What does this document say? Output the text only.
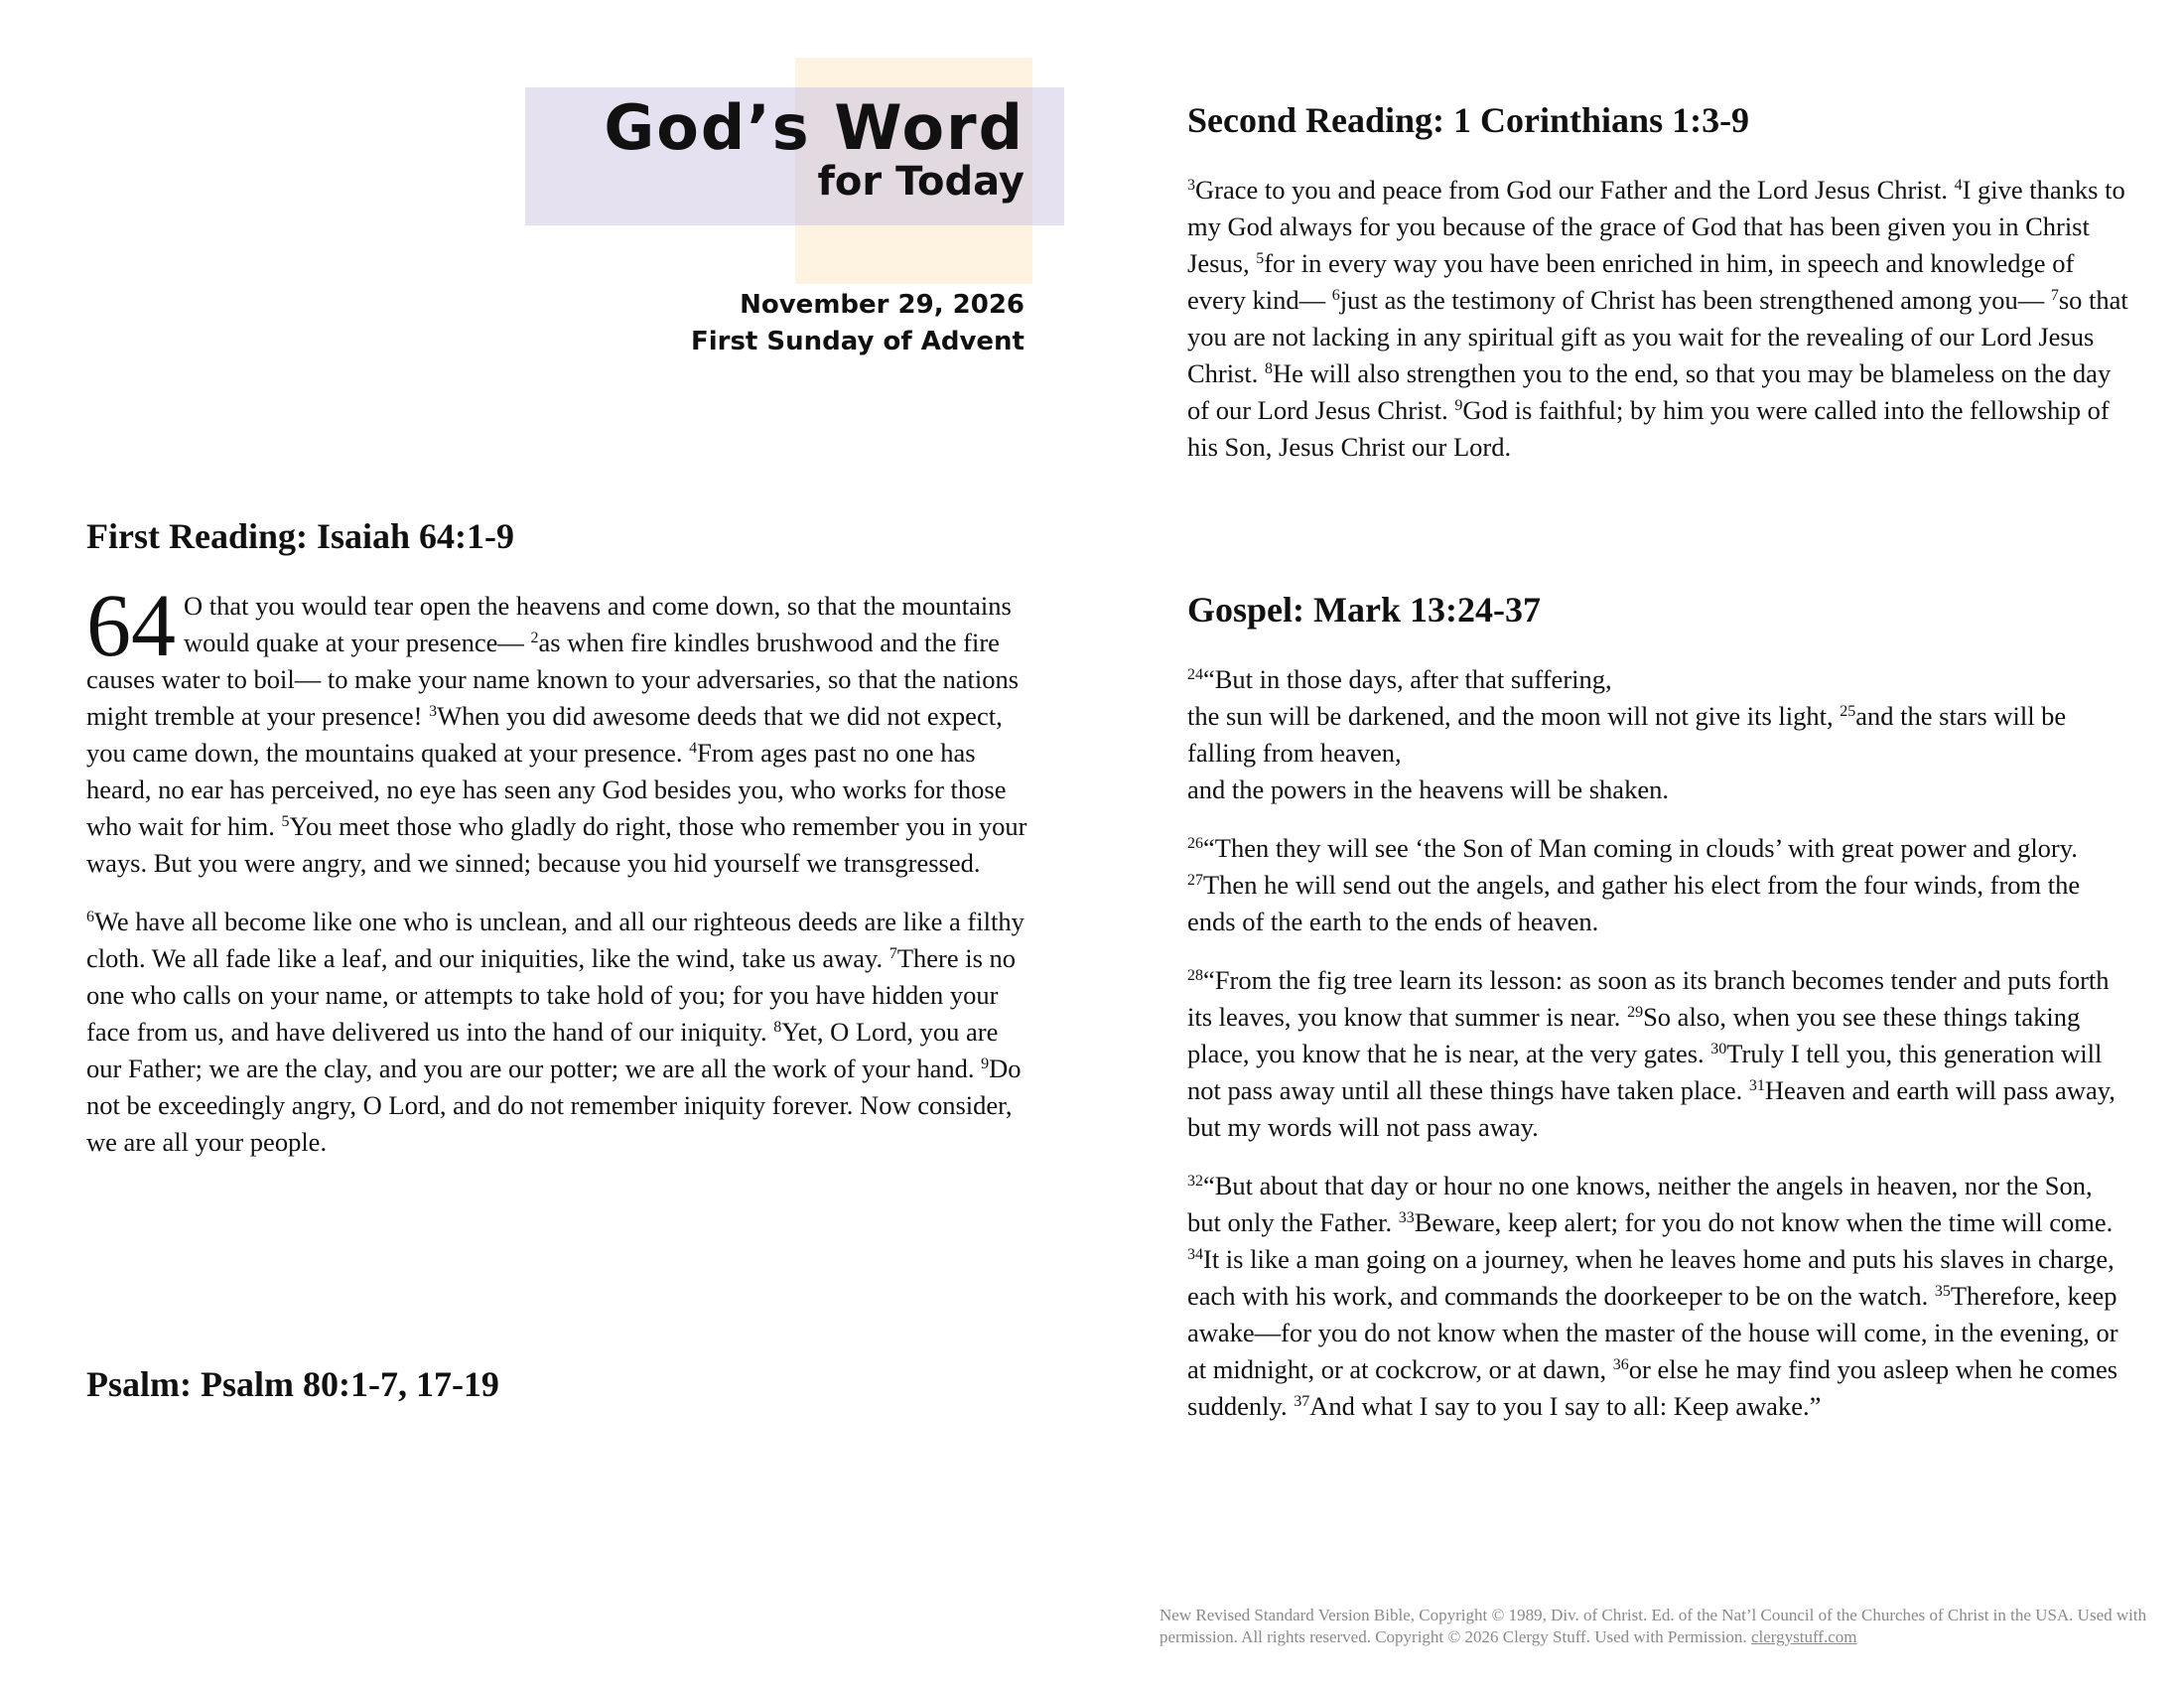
God’s Word
for Today
November 29, 2026
First Sunday of Advent
First Reading: Isaiah 64:1-9

64 O that you would tear open the heavens and come down, so that the mountains would quake at your presence— $^2$as when fire kindles brushwood and the fire causes water to boil— to make your name known to your adversaries, so that the nations might tremble at your presence! $^3$When you did awesome deeds that we did not expect, you came down, the mountains quaked at your presence. $^4$From ages past no one has heard, no ear has perceived, no eye has seen any God besides you, who works for those who wait for him. $^5$You meet those who gladly do right, those who remember you in your ways. But you were angry, and we sinned; because you hid yourself we transgressed.

$^6$We have all become like one who is unclean, and all our righteous deeds are like a filthy cloth. We all fade like a leaf, and our iniquities, like the wind, take us away. $^7$There is no one who calls on your name, or attempts to take hold of you; for you have hidden your face from us, and have delivered us into the hand of our iniquity. $^8$Yet, O Lord, you are our Father; we are the clay, and you are our potter; we are all the work of your hand. $^9$Do not be exceedingly angry, O Lord, and do not remember iniquity forever. Now consider, we are all your people.

Psalm: Psalm 80:1-7, 17-19
Second Reading: 1 Corinthians 1:3-9

$^3$Grace to you and peace from God our Father and the Lord Jesus Christ. $^4$I give thanks to my God always for you because of the grace of God that has been given you in Christ Jesus, $^5$for in every way you have been enriched in him, in speech and knowledge of every kind— $^6$just as the testimony of Christ has been strengthened among you— $^7$so that you are not lacking in any spiritual gift as you wait for the revealing of our Lord Jesus Christ. $^8$He will also strengthen you to the end, so that you may be blameless on the day of our Lord Jesus Christ. $^9$God is faithful; by him you were called into the fellowship of his Son, Jesus Christ our Lord.

Gospel: Mark 13:24-37

$^{24}$“But in those days, after that suffering,
the sun will be darkened, and the moon will not give its light, $^{25}$and the stars will be falling from heaven,
and the powers in the heavens will be shaken.

$^{26}$“Then they will see ‘the Son of Man coming in clouds’ with great power and glory. $^{27}$Then he will send out the angels, and gather his elect from the four winds, from the ends of the earth to the ends of heaven.

$^{28}$“From the fig tree learn its lesson: as soon as its branch becomes tender and puts forth its leaves, you know that summer is near. $^{29}$So also, when you see these things taking place, you know that he is near, at the very gates. $^{30}$Truly I tell you, this generation will not pass away until all these things have taken place. $^{31}$Heaven and earth will pass away, but my words will not pass away.

$^{32}$“But about that day or hour no one knows, neither the angels in heaven, nor the Son, but only the Father. $^{33}$Beware, keep alert; for you do not know when the time will come. $^{34}$It is like a man going on a journey, when he leaves home and puts his slaves in charge, each with his work, and commands the doorkeeper to be on the watch. $^{35}$Therefore, keep awake—for you do not know when the master of the house will come, in the evening, or at midnight, or at cockcrow, or at dawn, $^{36}$or else he may find you asleep when he comes suddenly. $^{37}$And what I say to you I say to all: Keep awake.”

New Revised Standard Version Bible, Copyright © 1989, Div. of Christ. Ed. of the Nat’l Council of the Churches of Christ in the USA. Used with permission. All rights reserved. Copyright © 2026 Clergy Stuff. Used with Permission. clergystuff.com
